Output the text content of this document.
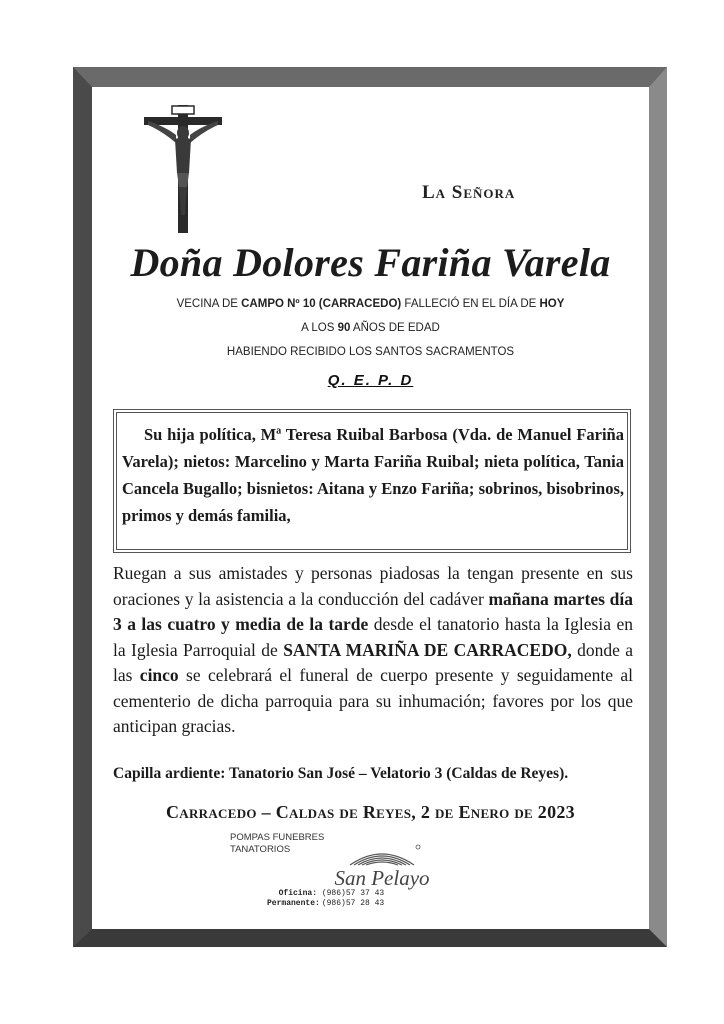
La Señora
Doña Dolores Fariña Varela
VECINA DE CAMPO Nº 10 (CARRACEDO) FALLECIÓ EN EL DÍA DE HOY
A LOS 90 AÑOS DE EDAD
HABIENDO RECIBIDO LOS SANTOS SACRAMENTOS
Q. E. P. D
Su hija política, Mª Teresa Ruibal Barbosa (Vda. de Manuel Fariña Varela); nietos: Marcelino y Marta Fariña Ruibal; nieta política, Tania Cancela Bugallo; bisnietos: Aitana y Enzo Fariña; sobrinos, bisobrinos, primos y demás familia,
Ruegan a sus amistades y personas piadosas la tengan presente en sus oraciones y la asistencia a la conducción del cadáver mañana martes día 3 a las cuatro y media de la tarde desde el tanatorio hasta la Iglesia en la Iglesia Parroquial de SANTA MARIÑA DE CARRACEDO, donde a las cinco se celebrará el funeral de cuerpo presente y seguidamente al cementerio de dicha parroquia para su inhumación; favores por los que anticipan gracias.
Capilla ardiente: Tanatorio San José – Velatorio 3 (Caldas de Reyes).
Carracedo – Caldas de Reyes, 2 de Enero de 2023
POMPAS FUNEBRES
TANATORIOS
San Pelayo
Oficina: (986)57 37 43
Permanente: (986)57 28 43
